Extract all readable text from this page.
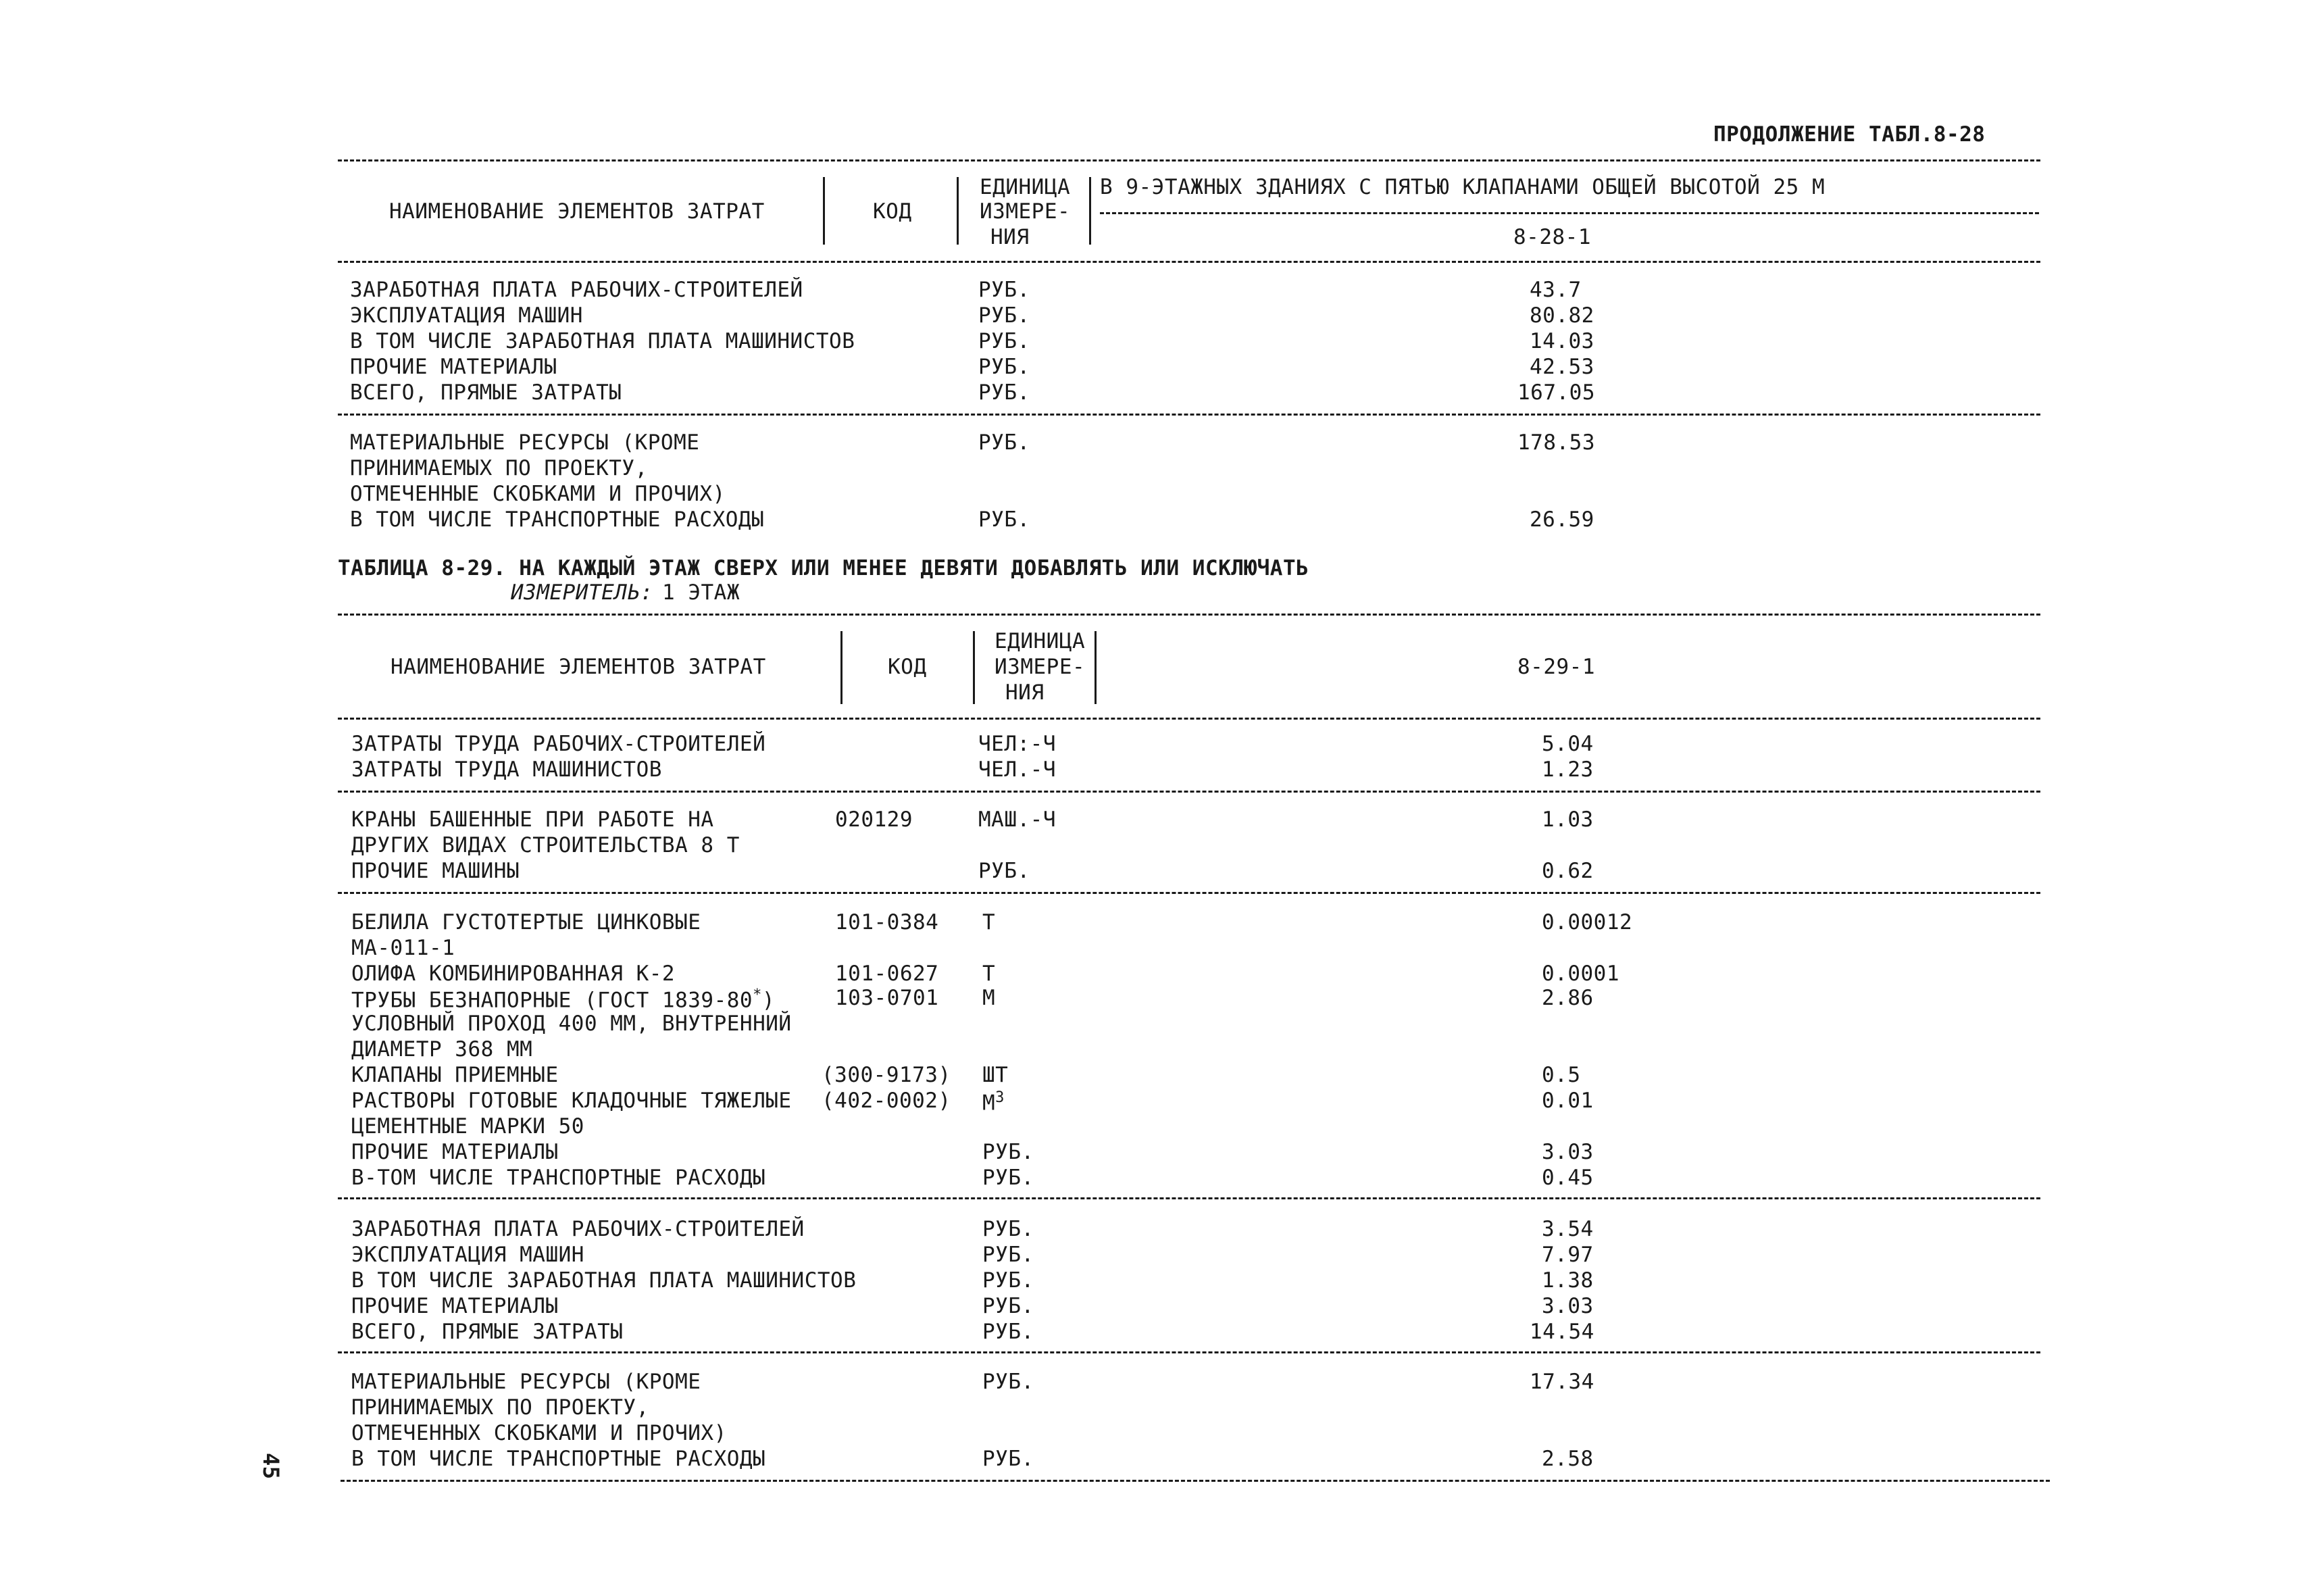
ПРОДОЛЖЕНИЕ ТАБЛ.8-28
НАИМЕНОВАНИЕ ЭЛЕМЕНТОВ ЗАТРАТ	КОД
ЕДИНИЦА
ИЗМЕРЕ-
НИЯ
В 9-ЭТАЖНЫХ ЗДАНИЯХ С ПЯТЬЮ КЛАПАНАМИ ОБЩЕЙ ВЫСОТОЙ 25 М
8-28-1
ЗАРАБОТНАЯ ПЛАТА РАБОЧИХ-СТРОИТЕЛЕЙ	РУБ.	43.7
ЭКСПЛУАТАЦИЯ МАШИН	РУБ.	80.82
В ТОМ ЧИСЛЕ ЗАРАБОТНАЯ ПЛАТА МАШИНИСТОВ	РУБ.	14.03
ПРОЧИЕ МАТЕРИАЛЫ	РУБ.	42.53
ВСЕГО, ПРЯМЫЕ ЗАТРАТЫ	РУБ.	167.05
МАТЕРИАЛЬНЫЕ РЕСУРСЫ (КРОМЕ
ПРИНИМАЕМЫХ ПО ПРОЕКТУ,
ОТМЕЧЕННЫЕ СКОБКАМИ И ПРОЧИХ)
РУБ.	178.53
В ТОМ ЧИСЛЕ ТРАНСПОРТНЫЕ РАСХОДЫ	РУБ.	26.59
ТАБЛИЦА 8-29. НА КАЖДЫЙ ЭТАЖ СВЕРХ ИЛИ МЕНЕЕ ДЕВЯТИ ДОБАВЛЯТЬ ИЛИ ИСКЛЮЧАТЬ
ИЗМЕРИТЕЛЬ: 1 ЭТАЖ
НАИМЕНОВАНИЕ ЭЛЕМЕНТОВ ЗАТРАТ	КОД
ЕДИНИЦА
ИЗМЕРЕ-
НИЯ
8-29-1
ЗАТРАТЫ ТРУДА РАБОЧИХ-СТРОИТЕЛЕЙ	ЧЕЛ:-Ч	5.04
ЗАТРАТЫ ТРУДА МАШИНИСТОВ	ЧЕЛ.-Ч	1.23
КРАНЫ БАШЕННЫЕ ПРИ РАБОТЕ НА
ДРУГИХ ВИДАХ СТРОИТЕЛЬСТВА 8 Т
020129	МАШ.-Ч	1.03
ПРОЧИЕ МАШИНЫ	РУБ.	0.62
БЕЛИЛА ГУСТОТЕРТЫЕ ЦИНКОВЫЕ
МА-011-1
101-0384 Т	0.00012
ОЛИФА КОМБИНИРОВАННАЯ К-2	101-0627 Т	0.0001
ТРУБЫ БЕЗНАПОРНЫЕ (ГОСТ 1839-80*)
УСЛОВНЫЙ ПРОХОД 400 ММ, ВНУТРЕННИЙ
ДИАМЕТР 368 ММ
103-0701 М	2.86
КЛАПАНЫ ПРИЕМНЫЕ	(300-9173) ШТ	0.5
РАСТВОРЫ ГОТОВЫЕ КЛАДОЧНЫЕ ТЯЖЕЛЫЕ
ЦЕМЕНТНЫЕ МАРКИ 50
(402-0002) $М^3$	0.01
ПРОЧИЕ МАТЕРИАЛЫ	РУБ.	3.03
В-ТОМ ЧИСЛЕ ТРАНСПОРТНЫЕ РАСХОДЫ	РУБ.	0.45
ЗАРАБОТНАЯ ПЛАТА РАБОЧИХ-СТРОИТЕЛЕЙ	РУБ.	3.54
ЭКСПЛУАТАЦИЯ МАШИН	РУБ.	7.97
В ТОМ ЧИСЛЕ ЗАРАБОТНАЯ ПЛАТА МАШИНИСТОВ	РУБ.	1.38
ПРОЧИЕ МАТЕРИАЛЫ	РУБ.	3.03
ВСЕГО, ПРЯМЫЕ ЗАТРАТЫ	РУБ.	14.54
МАТЕРИАЛЬНЫЕ РЕСУРСЫ (КРОМЕ
ПРИНИМАЕМЫХ ПО ПРОЕКТУ,
ОТМЕЧЕННЫХ СКОБКАМИ И ПРОЧИХ)
РУБ.	17.34
В ТОМ ЧИСЛЕ ТРАНСПОРТНЫЕ РАСХОДЫ	РУБ.	2.58
45
